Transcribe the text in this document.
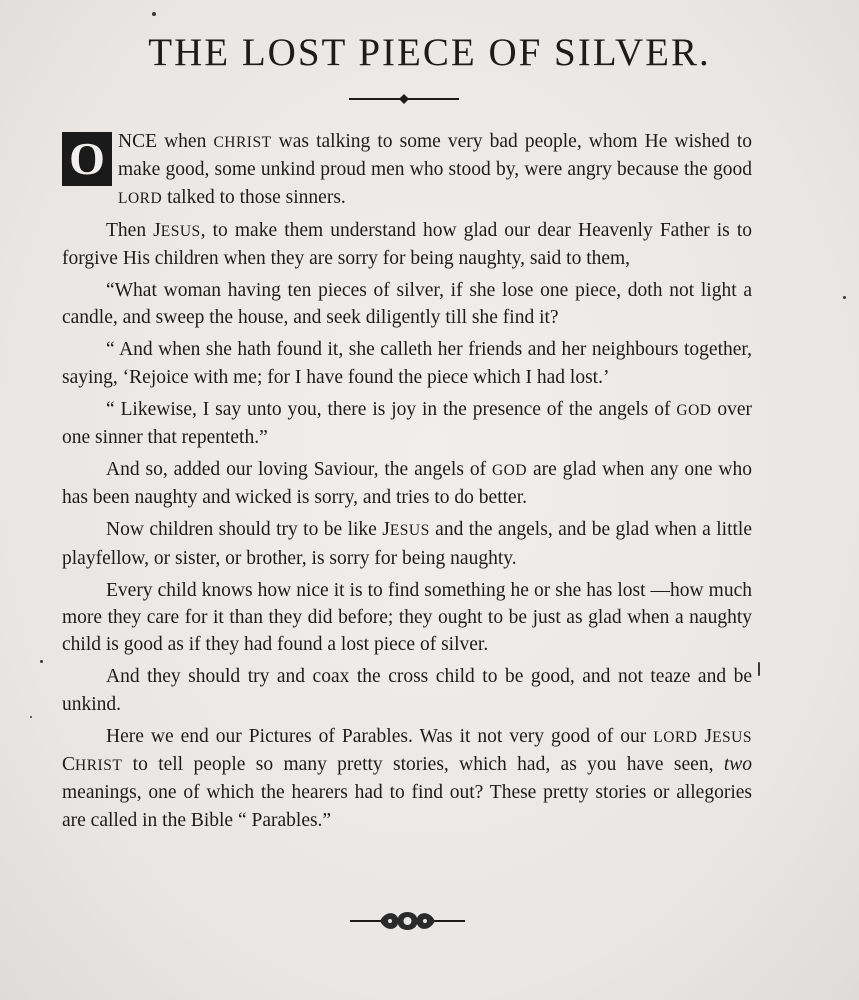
THE LOST PIECE OF SILVER.

O NCE when CHRIST was talking to some very bad people, whom He wished to make good, some unkind proud men who stood by, were angry because the good LORD talked to those sinners.

Then JESUS, to make them understand how glad our dear Heavenly Father is to forgive His children when they are sorry for being naughty, said to them,

“What woman having ten pieces of silver, if she lose one piece, doth not light a candle, and sweep the house, and seek diligently till she find it?

“ And when she hath found it, she calleth her friends and her neighbours together, saying, ‘Rejoice with me; for I have found the piece which I had lost.’

“ Likewise, I say unto you, there is joy in the presence of the angels of GOD over one sinner that repenteth.”

And so, added our loving Saviour, the angels of GOD are glad when any one who has been naughty and wicked is sorry, and tries to do better.

Now children should try to be like JESUS and the angels, and be glad when a little playfellow, or sister, or brother, is sorry for being naughty.

Every child knows how nice it is to find something he or she has lost —how much more they care for it than they did before; they ought to be just as glad when a naughty child is good as if they had found a lost piece of silver.

And they should try and coax the cross child to be good, and not teaze and be unkind.

Here we end our Pictures of Parables. Was it not very good of our LORD JESUS CHRIST to tell people so many pretty stories, which had, as you have seen, two meanings, one of which the hearers had to find out? These pretty stories or allegories are called in the Bible “ Parables.”
